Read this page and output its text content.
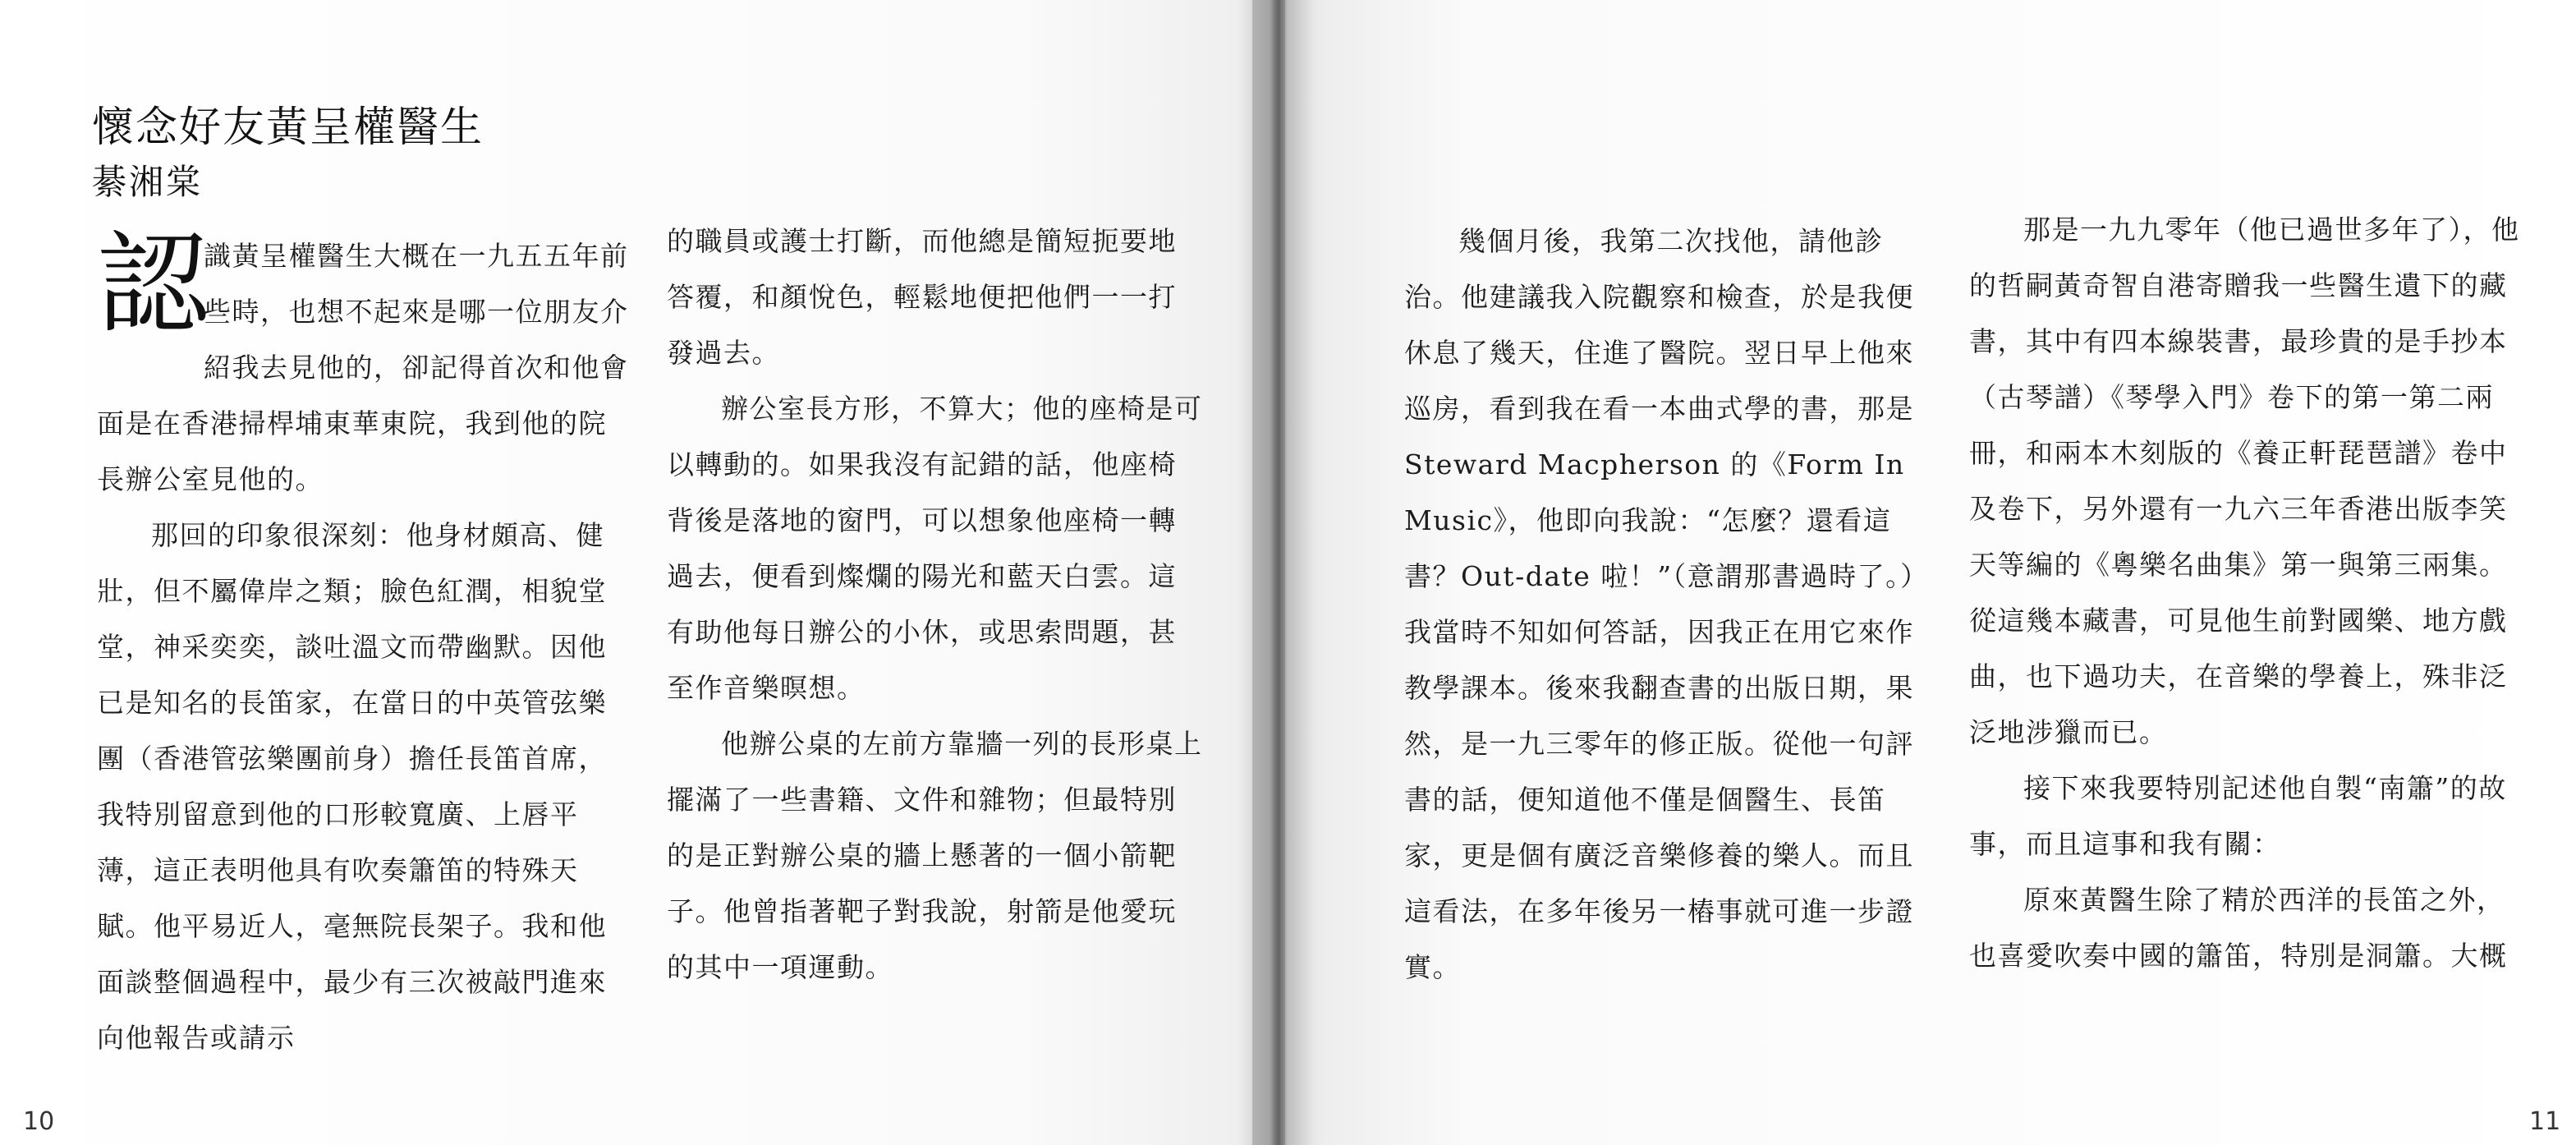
懷念好友黃呈權醫生
綦湘棠
認

識黃呈權醫生大概在一九五五年前些時，也想不起來是哪一位朋友介紹我去見他的，卻記得首次和他會面是在香港掃桿埔東華東院，我到他的院長辦公室見他的。

那回的印象很深刻：他身材頗高、健壯，但不屬偉岸之類；臉色紅潤，相貌堂堂，神采奕奕，談吐溫文而帶幽默。因他已是知名的長笛家，在當日的中英管弦樂團（香港管弦樂團前身）擔任長笛首席，我特別留意到他的口形較寬廣、上唇平薄，這正表明他具有吹奏簫笛的特殊天賦。他平易近人，毫無院長架子。我和他面談整個過程中，最少有三次被敲門進來向他報告或請示

的職員或護士打斷，而他總是簡短扼要地答覆，和顏悅色，輕鬆地便把他們一一打發過去。

辦公室長方形，不算大；他的座椅是可以轉動的。如果我沒有記錯的話，他座椅背後是落地的窗門，可以想象他座椅一轉過去，便看到燦爛的陽光和藍天白雲。這有助他每日辦公的小休，或思索問題，甚至作音樂暝想。

他辦公桌的左前方靠牆一列的長形桌上擺滿了一些書籍、文件和雜物；但最特別的是正對辦公桌的牆上懸著的一個小箭靶子。他曾指著靶子對我說，射箭是他愛玩的其中一項運動。

10

幾個月後，我第二次找他，請他診治。他建議我入院觀察和檢查，於是我便休息了幾天，住進了醫院。翌日早上他來巡房，看到我在看一本曲式學的書，那是 Steward Macpherson 的《Form In Music》，他即向我說：“怎麼？還看這書？Out-date 啦！”（意謂那書過時了。）我當時不知如何答話，因我正在用它來作教學課本。後來我翻查書的出版日期，果然，是一九三零年的修正版。從他一句評書的話，便知道他不僅是個醫生、長笛家，更是個有廣泛音樂修養的樂人。而且這看法，在多年後另一樁事就可進一步證實。

那是一九九零年（他已過世多年了），他的哲嗣黃奇智自港寄贈我一些醫生遺下的藏書，其中有四本線裝書，最珍貴的是手抄本（古琴譜）《琴學入門》卷下的第一第二兩冊，和兩本木刻版的《養正軒琵琶譜》卷中及卷下，另外還有一九六三年香港出版李笑天等編的《粵樂名曲集》第一與第三兩集。從這幾本藏書，可見他生前對國樂、地方戲曲，也下過功夫，在音樂的學養上，殊非泛泛地涉獵而已。

接下來我要特別記述他自製“南簫”的故事，而且這事和我有關：

原來黃醫生除了精於西洋的長笛之外，也喜愛吹奏中國的簫笛，特別是洞簫。大概

11
